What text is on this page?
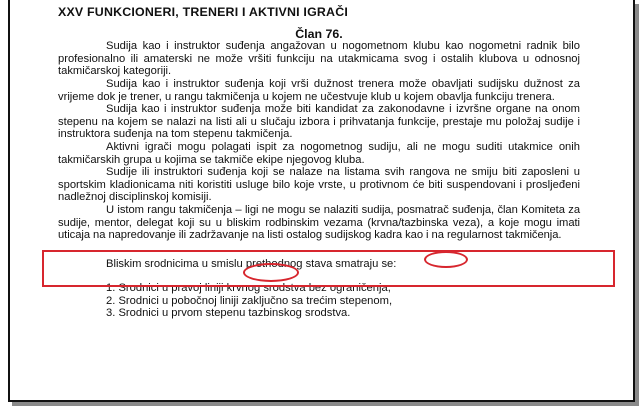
XXV FUNKCIONERI, TRENERI I AKTIVNI IGRAČI
Član 76.

Sudija kao i instruktor suđenja angažovan u nogometnom klubu kao nogometni radnik bilo profesionalno ili amaterski ne može vršiti funkciju na utakmicama svog i ostalih klubova u odnosnoj takmičarskoj kategoriji.

Sudija kao i instruktor suđenja koji vrši dužnost trenera može obavljati sudijsku dužnost za vrijeme dok je trener, u rangu takmičenja u kojem ne učestvuje klub u kojem obavlja funkciju trenera.

Sudija kao i instruktor suđenja može biti kandidat za zakonodavne i izvršne organe na onom stepenu na kojem se nalazi na listi ali u slučaju izbora i prihvatanja funkcije, prestaje mu položaj sudije i instruktora suđenja na tom stepenu takmičenja.

Aktivni igrači mogu polagati ispit za nogometnog sudiju, ali ne mogu suditi utakmice onih takmičarskih grupa u kojima se takmiče ekipe njegovog kluba.

Sudije ili instruktori suđenja koji se nalaze na listama svih rangova ne smiju biti zaposleni u sportskim kladionicama niti koristiti usluge bilo koje vrste, u protivnom će biti suspendovani i prosljeđeni nadležnoj disciplinskoj komisiji.

U istom rangu takmičenja – ligi ne mogu se nalaziti sudija, posmatrač suđenja, član Komiteta za sudije, mentor, delegat koji su u bliskim rodbinskim vezama (krvna/tazbinska veza), a koje mogu imati uticaja na napredovanje ili zadržavanje na listi ostalog sudijskog kadra kao i na regularnost takmičenja.

Bliskim srodnicima u smislu prethodnog stava smatraju se:

1. Srodnici u pravoj liniji krvnog srodstva bez ograničenja,
2. Srodnici u pobočnoj liniji zaključno sa trećim stepenom,
3. Srodnici u prvom stepenu tazbinskog srodstva.
